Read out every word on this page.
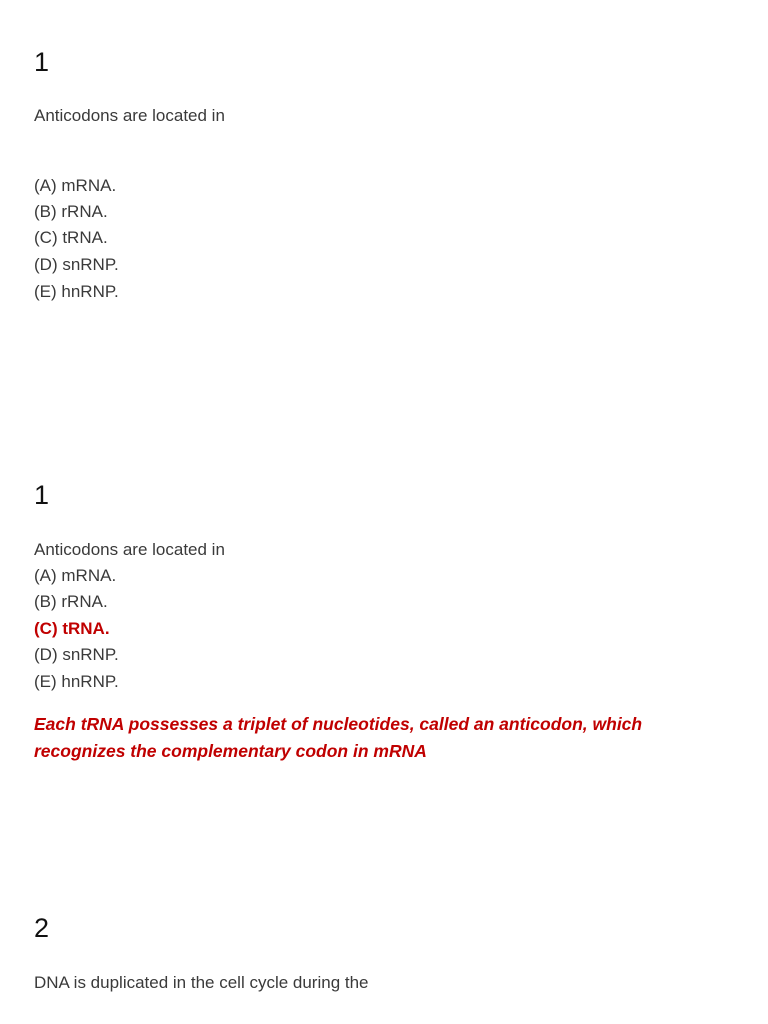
1

Anticodons are located in

(A) mRNA.

(B) rRNA.

(C) tRNA.

(D) snRNP.

(E) hnRNP.

1

Anticodons are located in

(A) mRNA.

(B) rRNA.

(C) tRNA.

(D) snRNP.

(E) hnRNP.

Each tRNA possesses a triplet of nucleotides, called an anticodon, which
recognizes the complementary codon in mRNA

2

DNA is duplicated in the cell cycle during the
